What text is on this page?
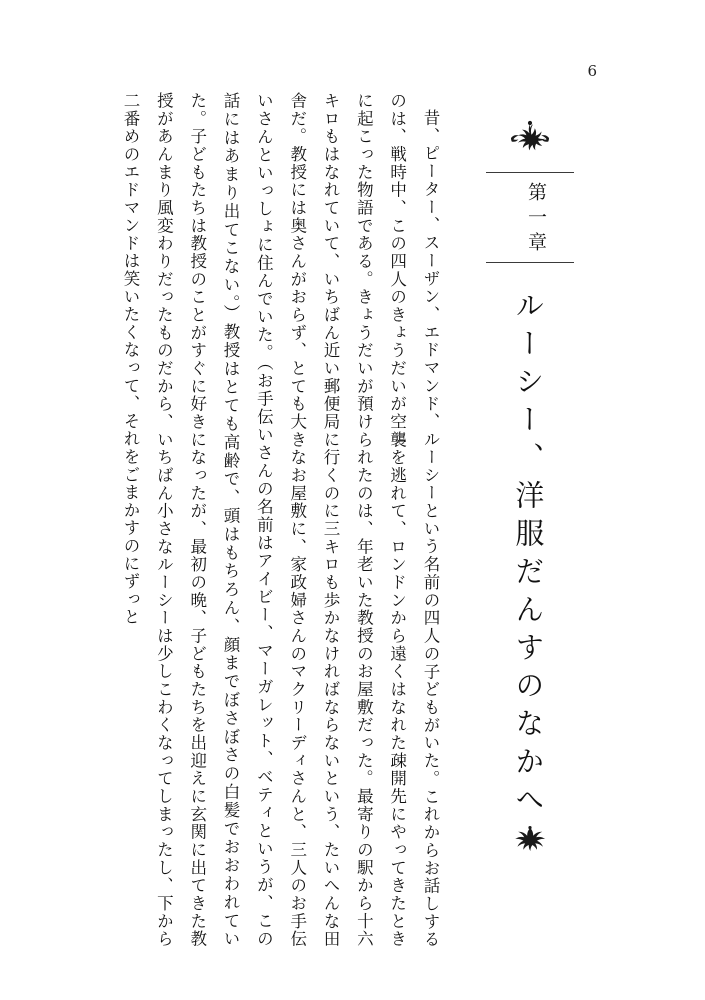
6
第一章
ルーシー、洋服だんすのなかへ

昔、ピーター、スーザン、エドマンド、ルーシーという名前の四人の子どもがいた。これからお話しするのは、戦時中、この四人のきょうだいが空襲を逃れて、ロンドンから遠くはなれた疎開先にやってきたときに起こった物語である。きょうだいが預けられたのは、年老いた教授のお屋敷だった。最寄りの駅から十六キロもはなれていて、いちばん近い郵便局に行くのに三キロも歩かなければならないという、たいへんな田舎だ。教授には奥さんがおらず、とても大きなお屋敷に、家政婦さんのマクリーディさんと、三人のお手伝いさんといっしょに住んでいた。（お手伝いさんの名前はアイビー、マーガレット、ベティというが、この話にはあまり出てこない。）教授はとても高齢で、頭はもちろん、顔までぼさぼさの白髪でおおわれていた。子どもたちは教授のことがすぐに好きになったが、最初の晩、子どもたちを出迎えに玄関に出てきた教授があんまり風変わりだったものだから、いちばん小さなルーシーは少しこわくなってしまったし、下から二番めのエドマンドは笑いたくなって、それをごまかすのにずっと
